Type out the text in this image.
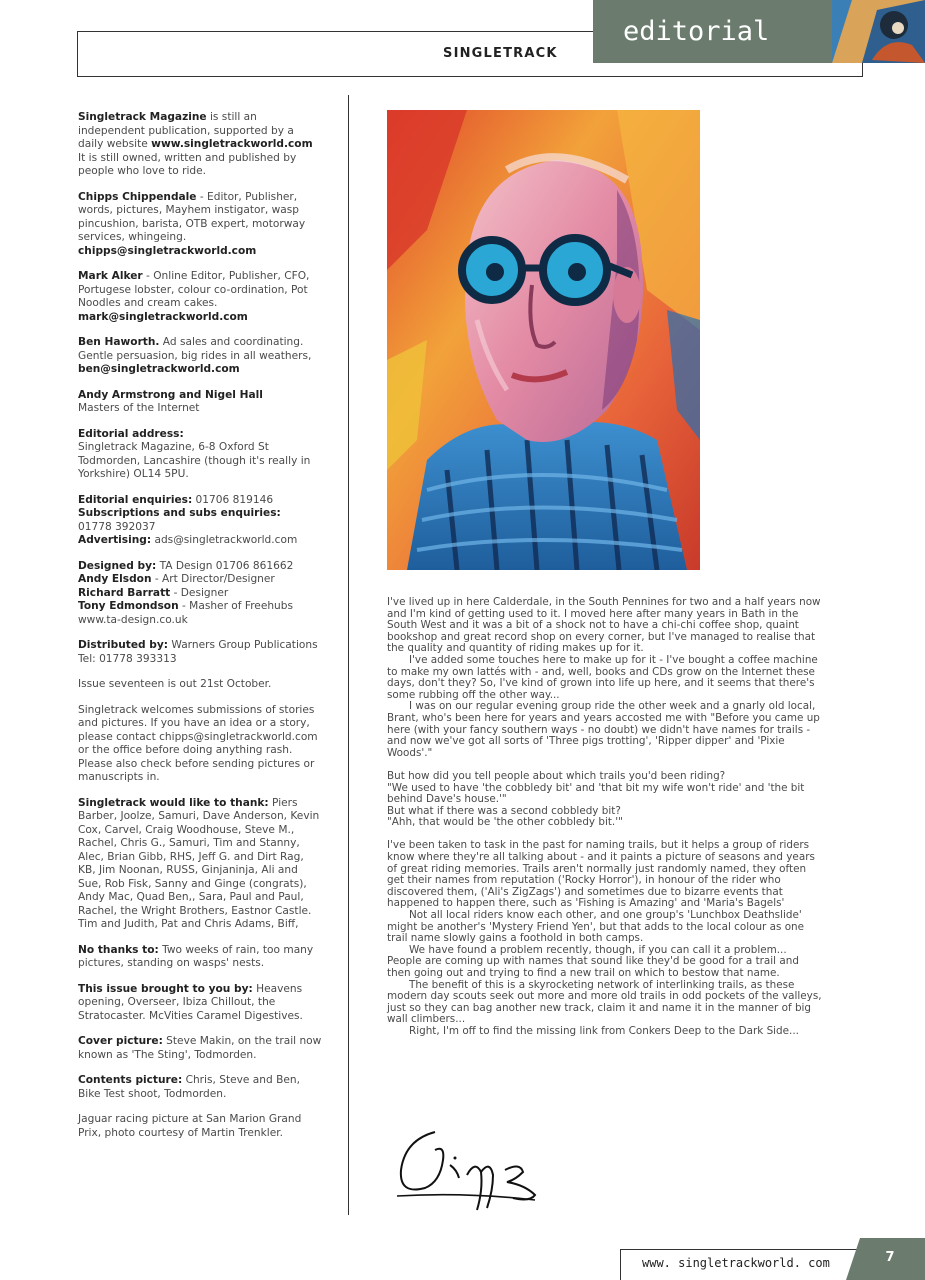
SINGLETRACK
editorial

Singletrack Magazine is still an independent publication, supported by a daily website www.singletrackworld.com
It is still owned, written and published by people who love to ride.

Chipps Chippendale - Editor, Publisher, words, pictures, Mayhem instigator, wasp pincushion, barista, OTB expert, motorway services, whingeing.
chipps@singletrackworld.com

Mark Alker - Online Editor, Publisher, CFO, Portugese lobster, colour co-ordination, Pot Noodles and cream cakes.
mark@singletrackworld.com

Ben Haworth. Ad sales and coordinating. Gentle persuasion, big rides in all weathers,
ben@singletrackworld.com

Andy Armstrong and Nigel Hall
Masters of the Internet

Editorial address:
Singletrack Magazine, 6-8 Oxford St Todmorden, Lancashire (though it's really in Yorkshire) OL14 5PU.

Editorial enquiries: 01706 819146
Subscriptions and subs enquiries:
01778 392037
Advertising: ads@singletrackworld.com

Designed by: TA Design 01706 861662
Andy Elsdon - Art Director/Designer
Richard Barratt - Designer
Tony Edmondson - Masher of Freehubs
www.ta-design.co.uk

Distributed by: Warners Group Publications
Tel: 01778 393313

Issue seventeen is out 21st October.

Singletrack welcomes submissions of stories and pictures. If you have an idea or a story, please contact chipps@singletrackworld.com or the office before doing anything rash. Please also check before sending pictures or manuscripts in.

Singletrack would like to thank: Piers Barber, Joolze, Samuri, Dave Anderson, Kevin Cox, Carvel, Craig Woodhouse, Steve M., Rachel, Chris G., Samuri, Tim and Stanny, Alec, Brian Gibb, RHS, Jeff G. and Dirt Rag, KB, Jim Noonan, RUSS, Ginjaninja, Ali and Sue, Rob Fisk, Sanny and Ginge (congrats), Andy Mac, Quad Ben,, Sara, Paul and Paul, Rachel, the Wright Brothers, Eastnor Castle. Tim and Judith, Pat and Chris Adams, Biff,

No thanks to: Two weeks of rain, too many pictures, standing on wasps' nests.

This issue brought to you by: Heavens opening, Overseer, Ibiza Chillout, the Stratocaster. McVities Caramel Digestives.

Cover picture: Steve Makin, on the trail now known as 'The Sting', Todmorden.

Contents picture: Chris, Steve and Ben, Bike Test shoot, Todmorden.

Jaguar racing picture at San Marion Grand Prix, photo courtesy of Martin Trenkler.

I've lived up in here Calderdale, in the South Pennines for two and a half years now and I'm kind of getting used to it. I moved here after many years in Bath in the South West and it was a bit of a shock not to have a chi-chi coffee shop, quaint bookshop and great record shop on every corner, but I've managed to realise that the quality and quantity of riding makes up for it.

I've added some touches here to make up for it - I've bought a coffee machine to make my own lattés with - and, well, books and CDs grow on the Internet these days, don't they? So, I've kind of grown into life up here, and it seems that there's some rubbing off the other way...

I was on our regular evening group ride the other week and a gnarly old local, Brant, who's been here for years and years accosted me with "Before you came up here (with your fancy southern ways - no doubt) we didn't have names for trails - and now we've got all sorts of 'Three pigs trotting', 'Ripper dipper' and 'Pixie Woods'."

But how did you tell people about which trails you'd been riding?

"We used to have 'the cobbledy bit' and 'that bit my wife won't ride' and 'the bit behind Dave's house.'"

But what if there was a second cobbledy bit?

"Ahh, that would be 'the other cobbledy bit.'"

I've been taken to task in the past for naming trails, but it helps a group of riders know where they're all talking about - and it paints a picture of seasons and years of great riding memories. Trails aren't normally just randomly named, they often get their names from reputation ('Rocky Horror'), in honour of the rider who discovered them, ('Ali's ZigZags') and sometimes due to bizarre events that happened to happen there, such as 'Fishing is Amazing' and 'Maria's Bagels'

Not all local riders know each other, and one group's 'Lunchbox Deathslide' might be another's 'Mystery Friend Yen', but that adds to the local colour as one trail name slowly gains a foothold in both camps.

We have found a problem recently, though, if you can call it a problem... People are coming up with names that sound like they'd be good for a trail and then going out and trying to find a new trail on which to bestow that name.

The benefit of this is a skyrocketing network of interlinking trails, as these modern day scouts seek out more and more old trails in odd pockets of the valleys, just so they can bag another new track, claim it and name it in the manner of big wall climbers...

Right, I'm off to find the missing link from Conkers Deep to the Dark Side...

www. singletrackworld. com	7
